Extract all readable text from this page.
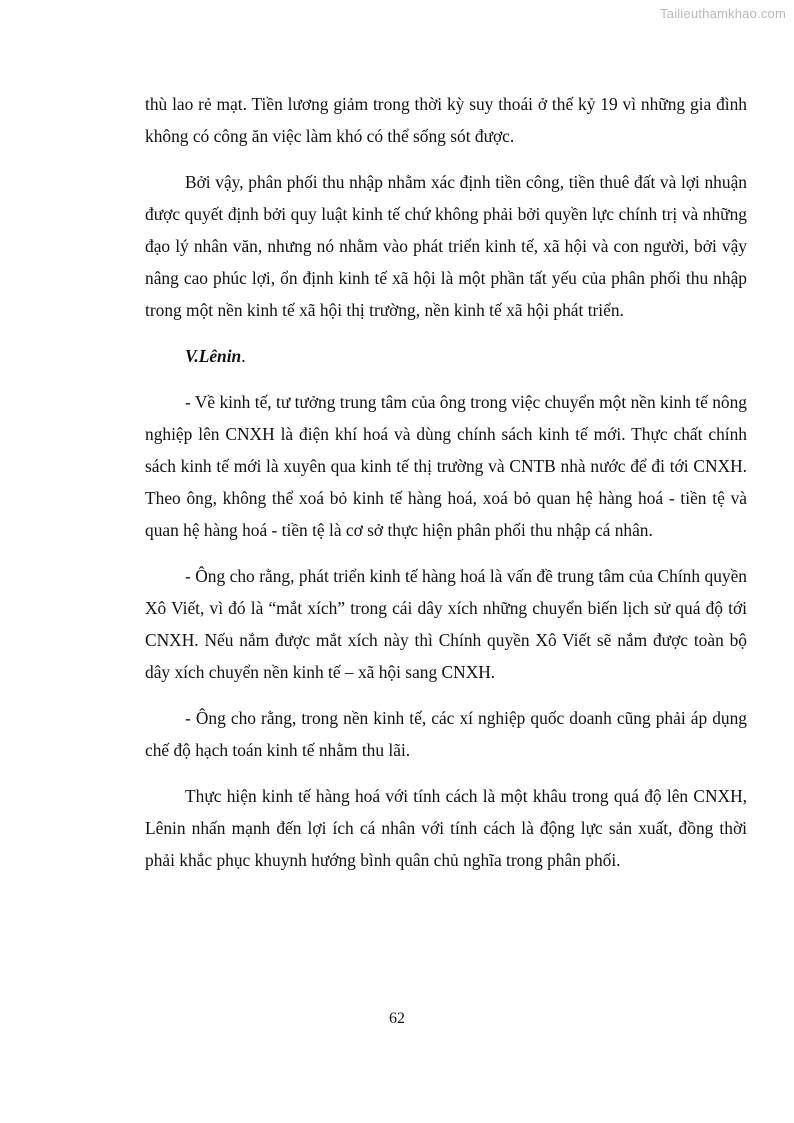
Tailieuthamkhao.com

thù lao rẻ mạt. Tiền lương giảm trong thời kỳ suy thoái ở thế kỷ 19 vì những gia đình không có công ăn việc làm khó có thể sống sót được.

Bởi vậy, phân phối thu nhập nhằm xác định tiền công, tiền thuê đất và lợi nhuận được quyết định bởi quy luật kinh tế chứ không phải bởi quyền lực chính trị và những đạo lý nhân văn, nhưng nó nhằm vào phát triển kinh tế, xã hội và con người, bởi vậy nâng cao phúc lợi, ổn định kinh tế xã hội là một phần tất yếu của phân phối thu nhập trong một nền kinh tế xã hội thị trường, nền kinh tế xã hội phát triển.

V.Lênin.

- Về kinh tế, tư tưởng trung tâm của ông trong việc chuyển một nền kinh tế nông nghiệp lên CNXH là điện khí hoá và dùng chính sách kinh tế mới. Thực chất chính sách kinh tế mới là xuyên qua kinh tế thị trường và CNTB nhà nước để đi tới CNXH. Theo ông, không thể xoá bỏ kinh tế hàng hoá, xoá bỏ quan hệ hàng hoá - tiền tệ và quan hệ hàng hoá - tiền tệ là cơ sở thực hiện phân phối thu nhập cá nhân.

- Ông cho rằng, phát triển kinh tế hàng hoá là vấn đề trung tâm của Chính quyền Xô Viết, vì đó là “mắt xích” trong cái dây xích những chuyển biến lịch sử quá độ tới CNXH. Nếu nắm được mắt xích này thì Chính quyền Xô Viết sẽ nắm được toàn bộ dây xích chuyển nền kinh tế – xã hội sang CNXH.

- Ông cho rằng, trong nền kinh tế, các xí nghiệp quốc doanh cũng phải áp dụng chế độ hạch toán kinh tế nhằm thu lãi.

Thực hiện kinh tế hàng hoá với tính cách là một khâu trong quá độ lên CNXH, Lênin nhấn mạnh đến lợi ích cá nhân với tính cách là động lực sản xuất, đồng thời phải khắc phục khuynh hướng bình quân chủ nghĩa trong phân phối.

62
